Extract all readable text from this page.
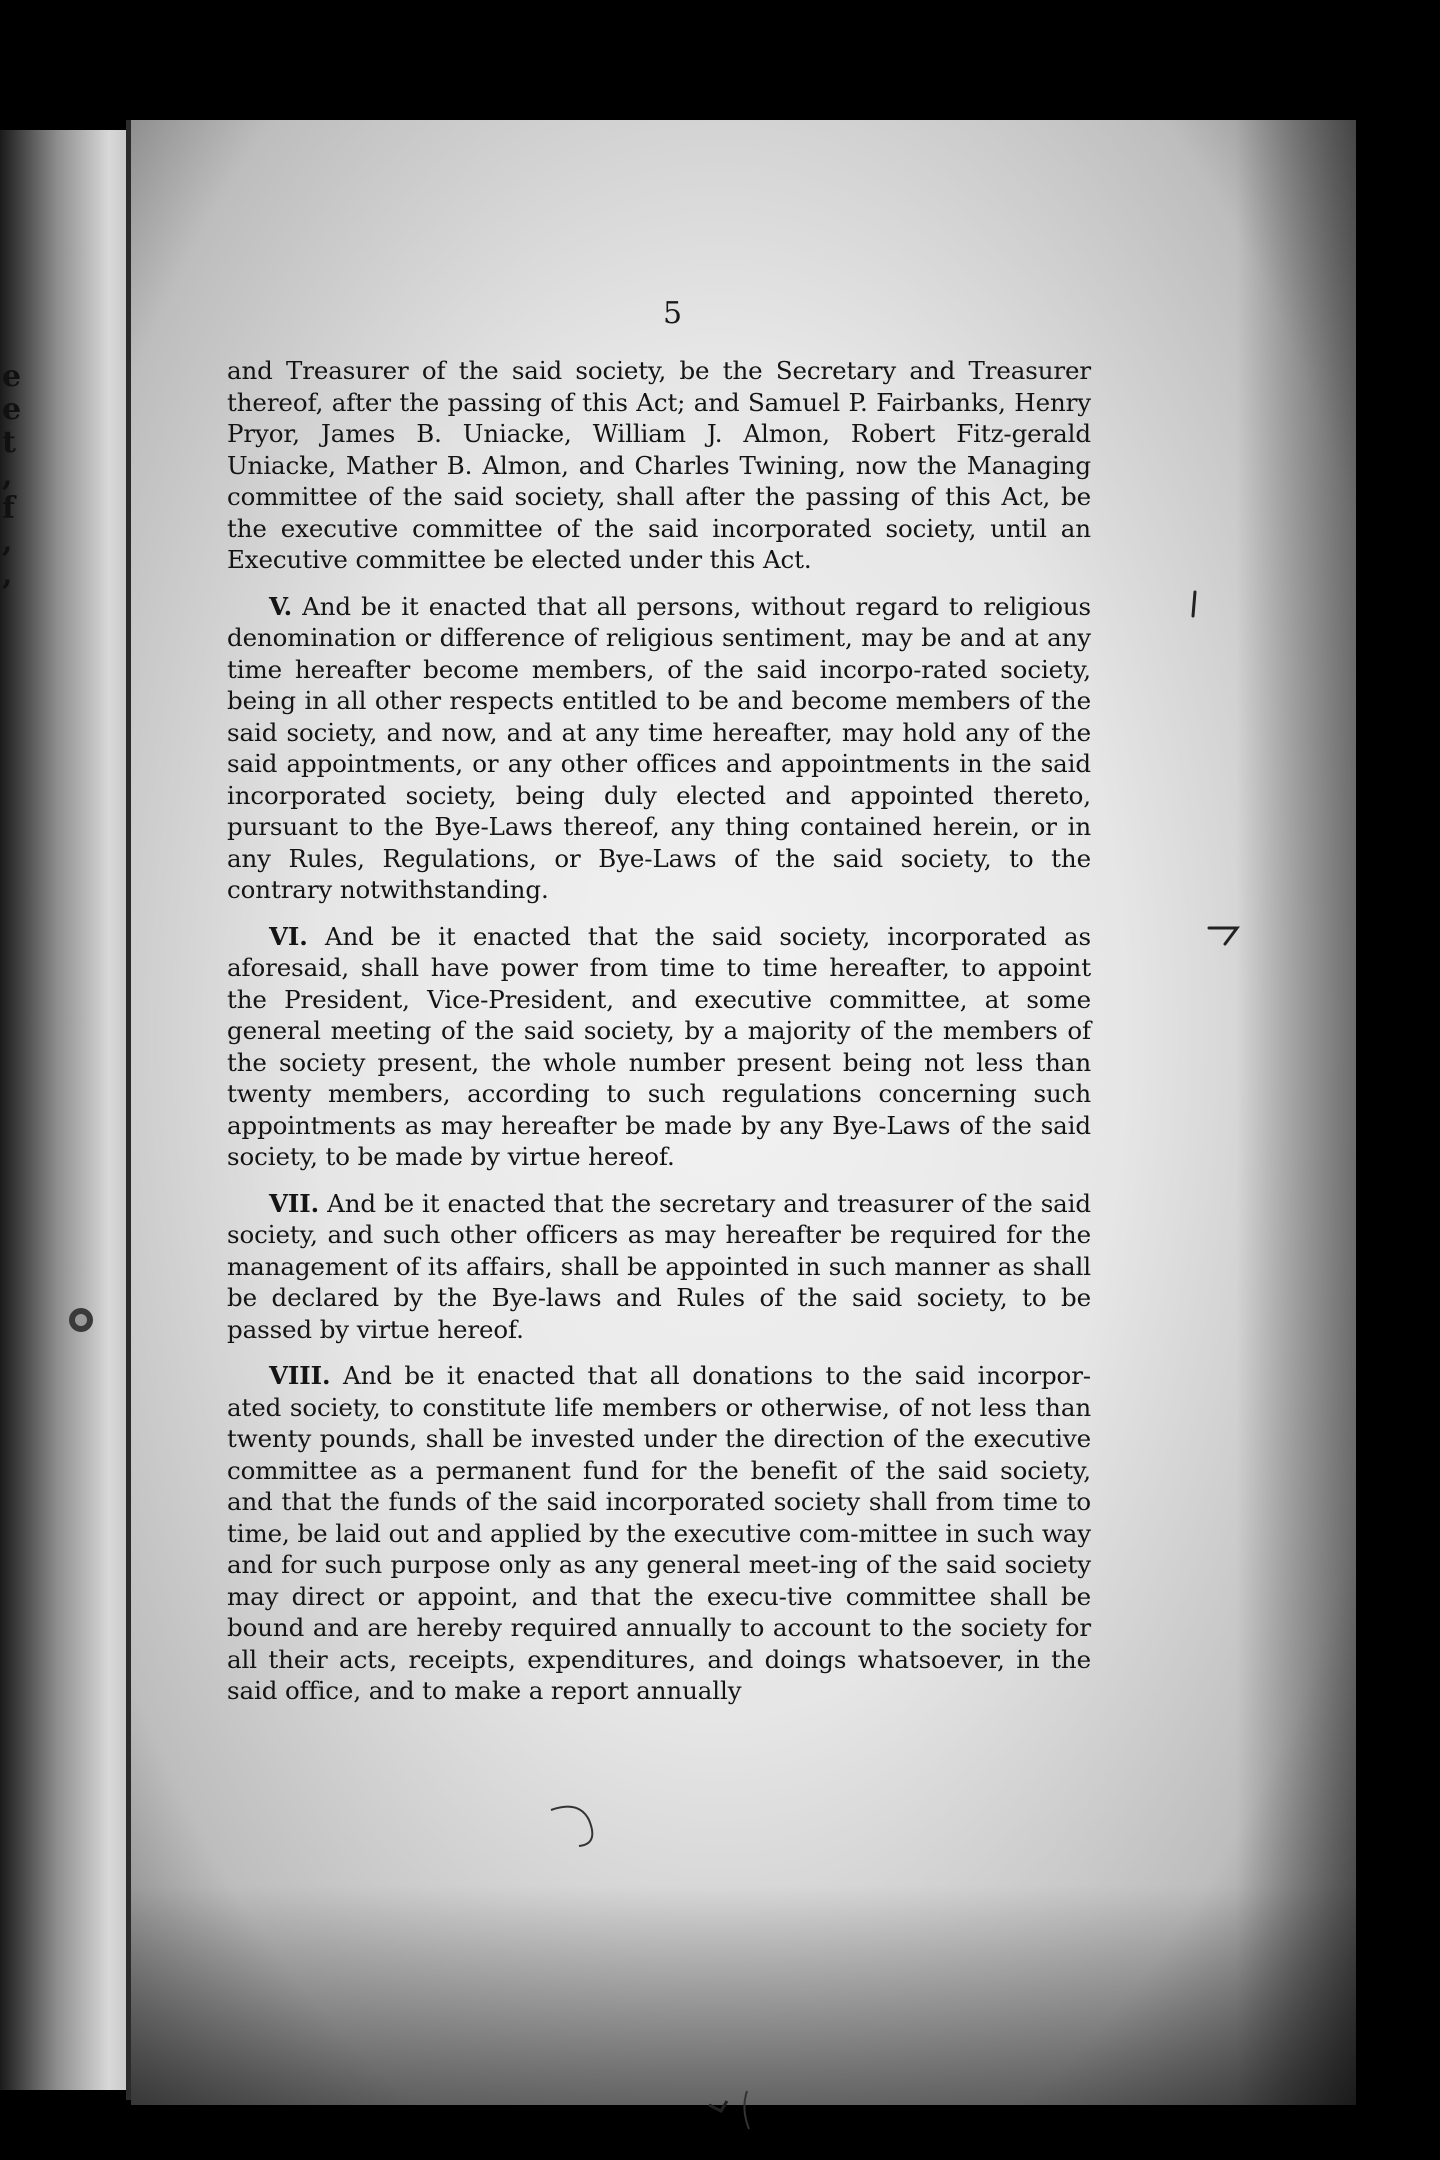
e
e
t
,
f
,
,
5

and Treasurer of the said society, be the Secretary and Treasurer thereof, after the passing of this Act; and Samuel P. Fairbanks, Henry Pryor, James B. Uniacke, William J. Almon, Robert Fitz-gerald Uniacke, Mather B. Almon, and Charles Twining, now the Managing committee of the said society, shall after the passing of this Act, be the executive committee of the said incorporated society, until an Executive committee be elected under this Act.

V. And be it enacted that all persons, without regard to religious denomination or difference of religious sentiment, may be and at any time hereafter become members, of the said incorpo-rated society, being in all other respects entitled to be and become members of the said society, and now, and at any time hereafter, may hold any of the said appointments, or any other offices and appointments in the said incorporated society, being duly elected and appointed thereto, pursuant to the Bye-Laws thereof, any thing contained herein, or in any Rules, Regulations, or Bye-Laws of the said society, to the contrary notwithstanding.

VI. And be it enacted that the said society, incorporated as aforesaid, shall have power from time to time hereafter, to appoint the President, Vice-President, and executive committee, at some general meeting of the said society, by a majority of the members of the society present, the whole number present being not less than twenty members, according to such regulations concerning such appointments as may hereafter be made by any Bye-Laws of the said society, to be made by virtue hereof.

VII. And be it enacted that the secretary and treasurer of the said society, and such other officers as may hereafter be required for the management of its affairs, shall be appointed in such manner as shall be declared by the Bye-laws and Rules of the said society, to be passed by virtue hereof.

VIII. And be it enacted that all donations to the said incorpor-ated society, to constitute life members or otherwise, of not less than twenty pounds, shall be invested under the direction of the executive committee as a permanent fund for the benefit of the said society, and that the funds of the said incorporated society shall from time to time, be laid out and applied by the executive com-mittee in such way and for such purpose only as any general meet-ing of the said society may direct or appoint, and that the execu-tive committee shall be bound and are hereby required annually to account to the society for all their acts, receipts, expenditures, and doings whatsoever, in the said office, and to make a report annually
